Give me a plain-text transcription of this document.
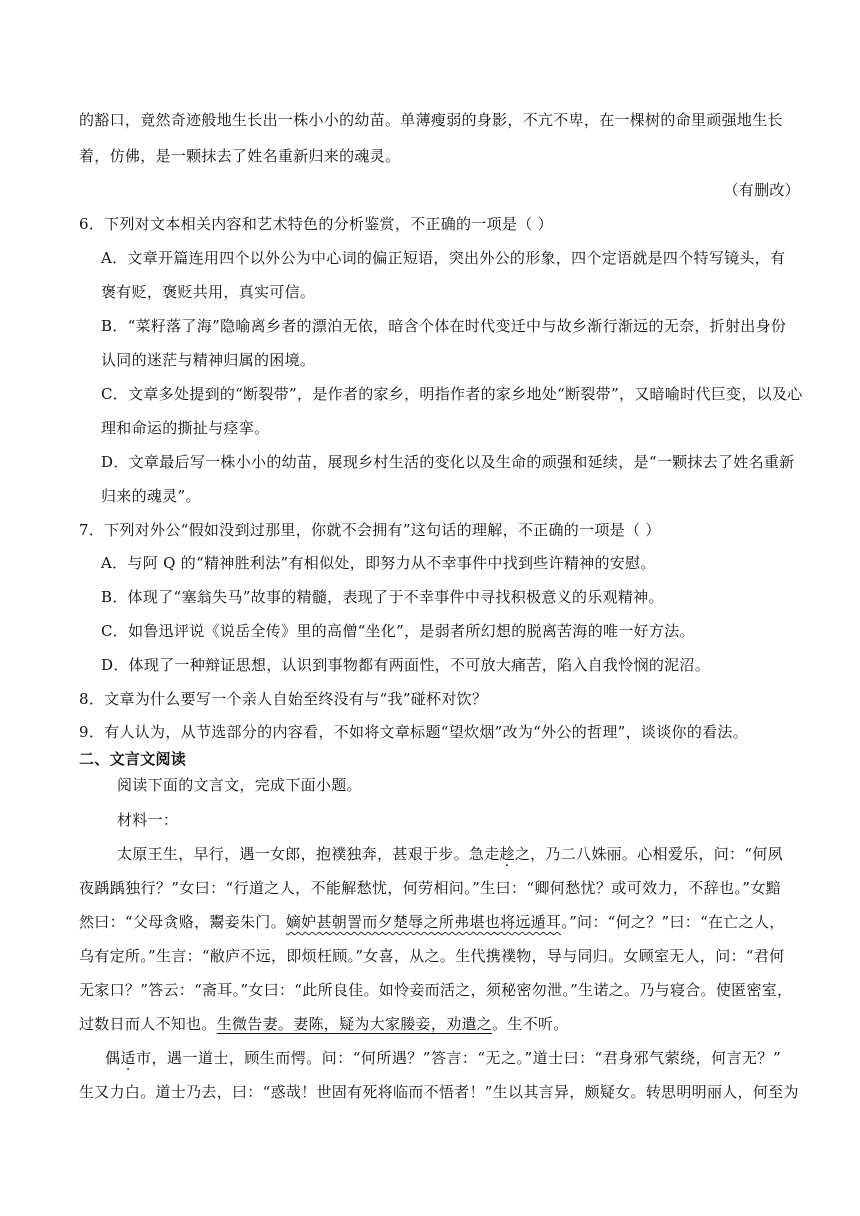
的豁口，竟然奇迹般地生长出一株小小的幼苗。单薄瘦弱的身影，不亢不卑，在一棵树的命里顽强地生长
着，仿佛，是一颗抹去了姓名重新归来的魂灵。
（有删改）
6．下列对文本相关内容和艺术特色的分析鉴赏，不正确的一项是（ ）
A．文章开篇连用四个以外公为中心词的偏正短语，突出外公的形象，四个定语就是四个特写镜头，有
褒有贬，褒贬共用，真实可信。
B．“菜籽落了海”隐喻离乡者的漂泊无依，暗含个体在时代变迁中与故乡渐行渐远的无奈，折射出身份
认同的迷茫与精神归属的困境。
C．文章多处提到的“断裂带”，是作者的家乡，明指作者的家乡地处“断裂带”，又暗喻时代巨变，以及心
理和命运的撕扯与痉挛。
D．文章最后写一株小小的幼苗，展现乡村生活的变化以及生命的顽强和延续，是“一颗抹去了姓名重新
归来的魂灵”。
7．下列对外公“假如没到过那里，你就不会拥有”这句话的理解，不正确的一项是（ ）
A．与阿 Q 的“精神胜利法”有相似处，即努力从不幸事件中找到些许精神的安慰。
B．体现了“塞翁失马”故事的精髓，表现了于不幸事件中寻找积极意义的乐观精神。
C．如鲁迅评说《说岳全传》里的高僧“坐化”，是弱者所幻想的脱离苦海的唯一好方法。
D．体现了一种辩证思想，认识到事物都有两面性，不可放大痛苦，陷入自我怜悯的泥沼。
8．文章为什么要写一个亲人自始至终没有与“我”碰杯对饮？
9．有人认为，从节选部分的内容看，不如将文章标题“望炊烟”改为“外公的哲理”，谈谈你的看法。
二、文言文阅读
阅读下面的文言文，完成下面小题。
材料一：
太原王生，早行，遇一女郎，抱襆独奔，甚艰于步。急走趁之，乃二八姝丽。心相爱乐，问：“何夙
夜踽踽独行？”女曰：“行道之人，不能解愁忧，何劳相问。”生曰：“卿何愁忧？或可效力，不辞也。”女黯
然曰：“父母贪赂，鬻妾朱门。嫡妒甚朝詈而夕楚辱之所弗堪也将远遁耳。”问：“何之？”曰：“在亡之人，
乌有定所。”生言：“敝庐不远，即烦枉顾。”女喜，从之。生代携襆物，导与同归。女顾室无人，问：“君何
无家口？”答云：“斋耳。”女曰：“此所良佳。如怜妾而活之，须秘密勿泄。”生诺之。乃与寝合。使匿密室，
过数日而人不知也。生微告妻。妻陈，疑为大家媵妾，劝遣之。生不听。
偶适市，遇一道士，顾生而愕。问：“何所遇？”答言：“无之。”道士曰：“君身邪气萦绕，何言无？”
生又力白。道士乃去，曰：“惑哉！世固有死将临而不悟者！”生以其言异，颇疑女。转思明明丽人，何至为
